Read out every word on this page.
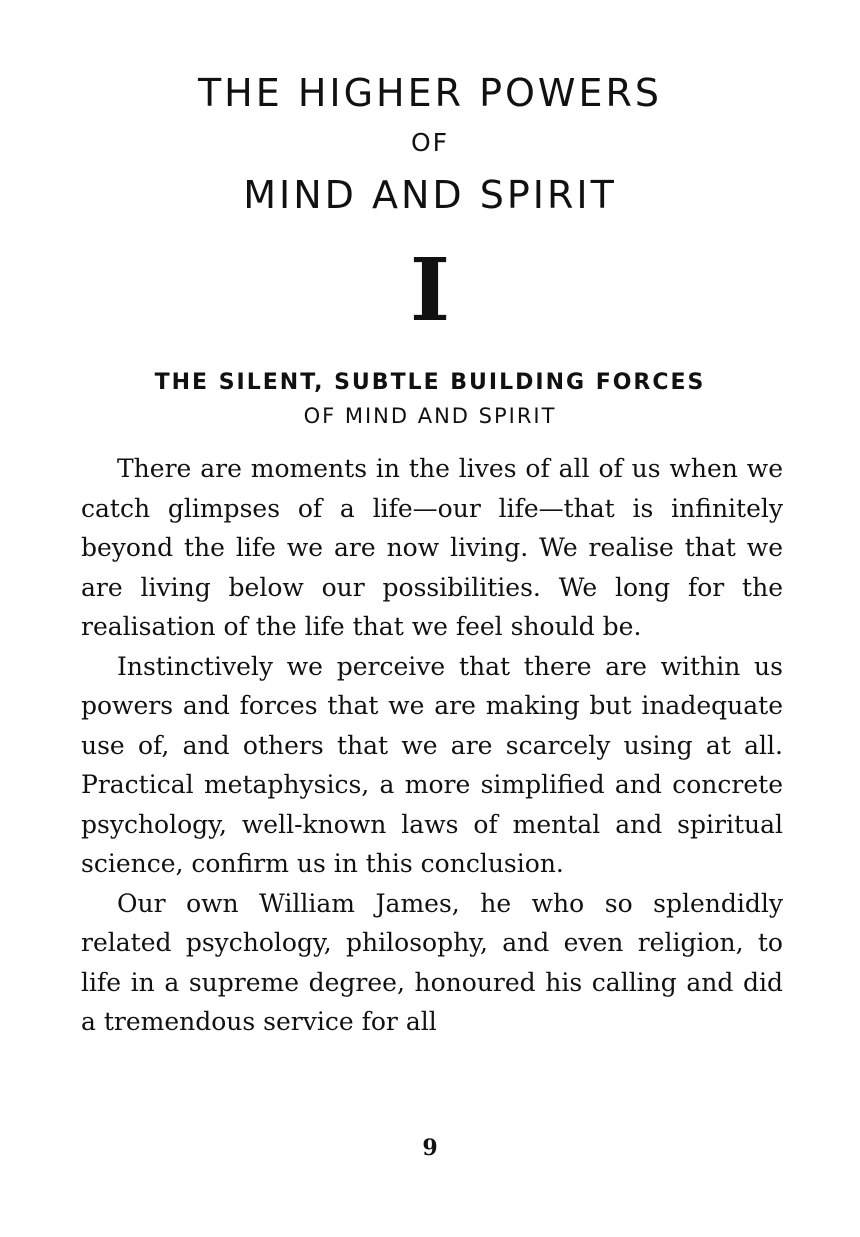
THE HIGHER POWERS
OF
MIND AND SPIRIT
I
THE SILENT, SUBTLE BUILDING FORCES
OF MIND AND SPIRIT

There are moments in the lives of all of us when we catch glimpses of a life—our life—that is infinitely beyond the life we are now living. We realise that we are living below our possibilities. We long for the realisation of the life that we feel should be.

Instinctively we perceive that there are within us powers and forces that we are making but inadequate use of, and others that we are scarcely using at all. Practical metaphysics, a more simplified and concrete psychology, well-known laws of mental and spiritual science, confirm us in this conclusion.

Our own William James, he who so splendidly related psychology, philosophy, and even religion, to life in a supreme degree, honoured his calling and did a tremendous service for all

9
